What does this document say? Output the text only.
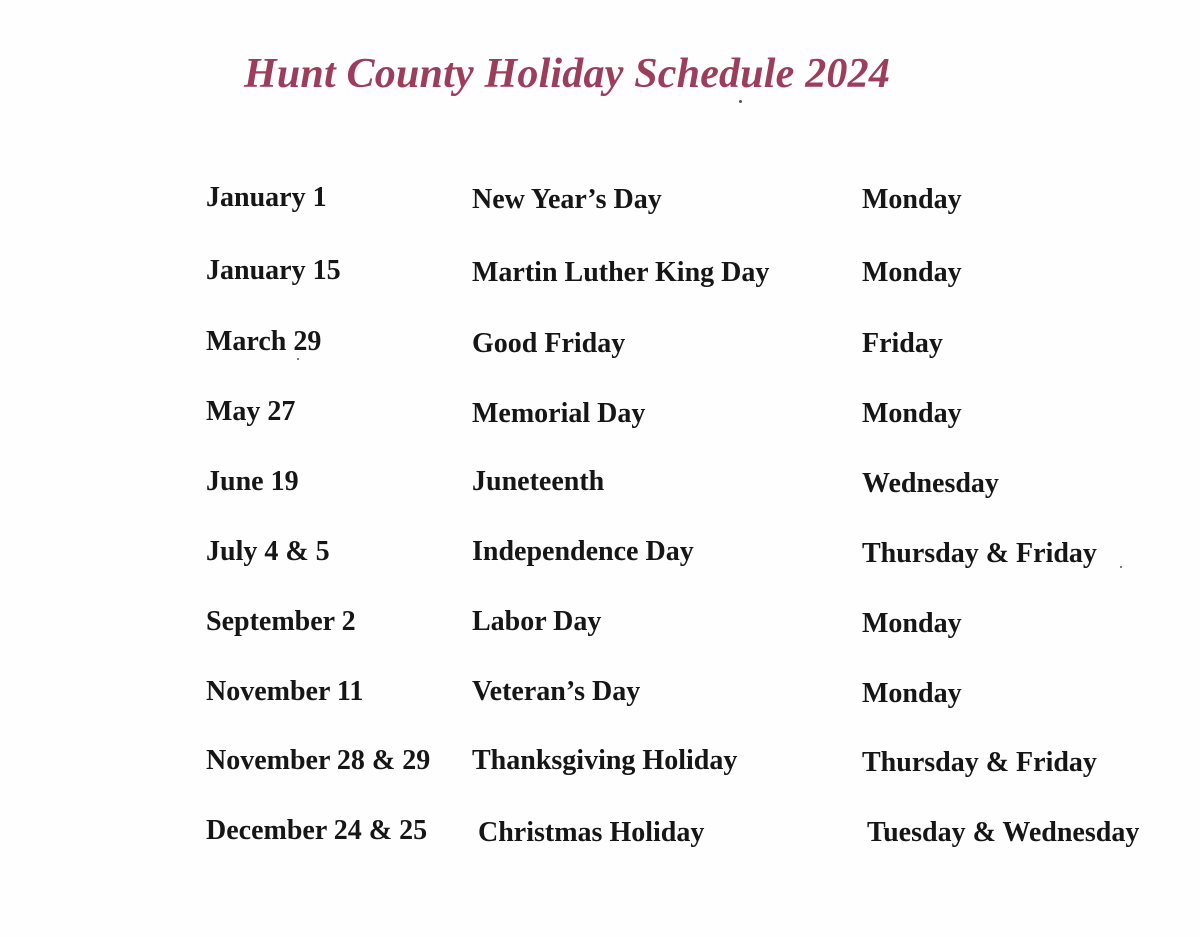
Hunt County Holiday Schedule 2024

January 1	New Year’s Day	Monday

January 15	Martin Luther King Day	Monday

March 29	Good Friday	Friday

May 27	Memorial Day	Monday

June 19	Juneteenth	Wednesday

July 4 & 5	Independence Day	Thursday & Friday

September 2	Labor Day	Monday

November 11	Veteran’s Day	Monday

November 28 & 29 Thanksgiving Holiday	Thursday & Friday

December 24 & 25 Christmas Holiday	Tuesday & Wednesday
